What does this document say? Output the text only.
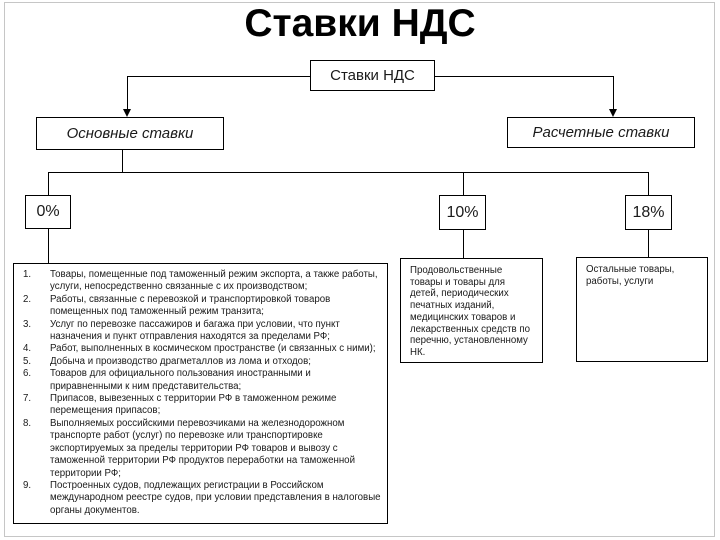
Ставки НДС
Ставки НДС
Основные ставки	Расчетные ставки
0%	10%	18%
1.	Товары, помещенные под таможенный режим экспорта, а также работы, услуги, непосредственно связанные с их производством;
2.	Работы, связанные с перевозкой и транспортировкой товаров помещенных под таможенный режим транзита;
3.	Услуг по перевозке пассажиров и багажа при условии, что пункт назначения и пункт отправления находятся за пределами РФ;
4.	Работ, выполненных в космическом пространстве (и связанных с ними);
5.	Добыча и производство драгметаллов из лома и отходов;
6.	Товаров для официального пользования иностранными и приравненными к ним представительства;
7.	Припасов, вывезенных с территории РФ в таможенном режиме перемещения припасов;
8.	Выполняемых российскими перевозчиками на железнодорожном транспорте работ (услуг) по перевозке или транспортировке экспортируемых за пределы территории РФ товаров и вывозу с таможенной территории РФ продуктов переработки на таможенной территории РФ;
9.	Построенных судов, подлежащих регистрации в Российском международном реестре судов, при условии представления в налоговые органы документов.
Продовольственные товары и товары для детей, периодических печатных изданий, медицинских товаров и лекарственных средств по перечню, установленному НК.
Остальные товары, работы, услуги
